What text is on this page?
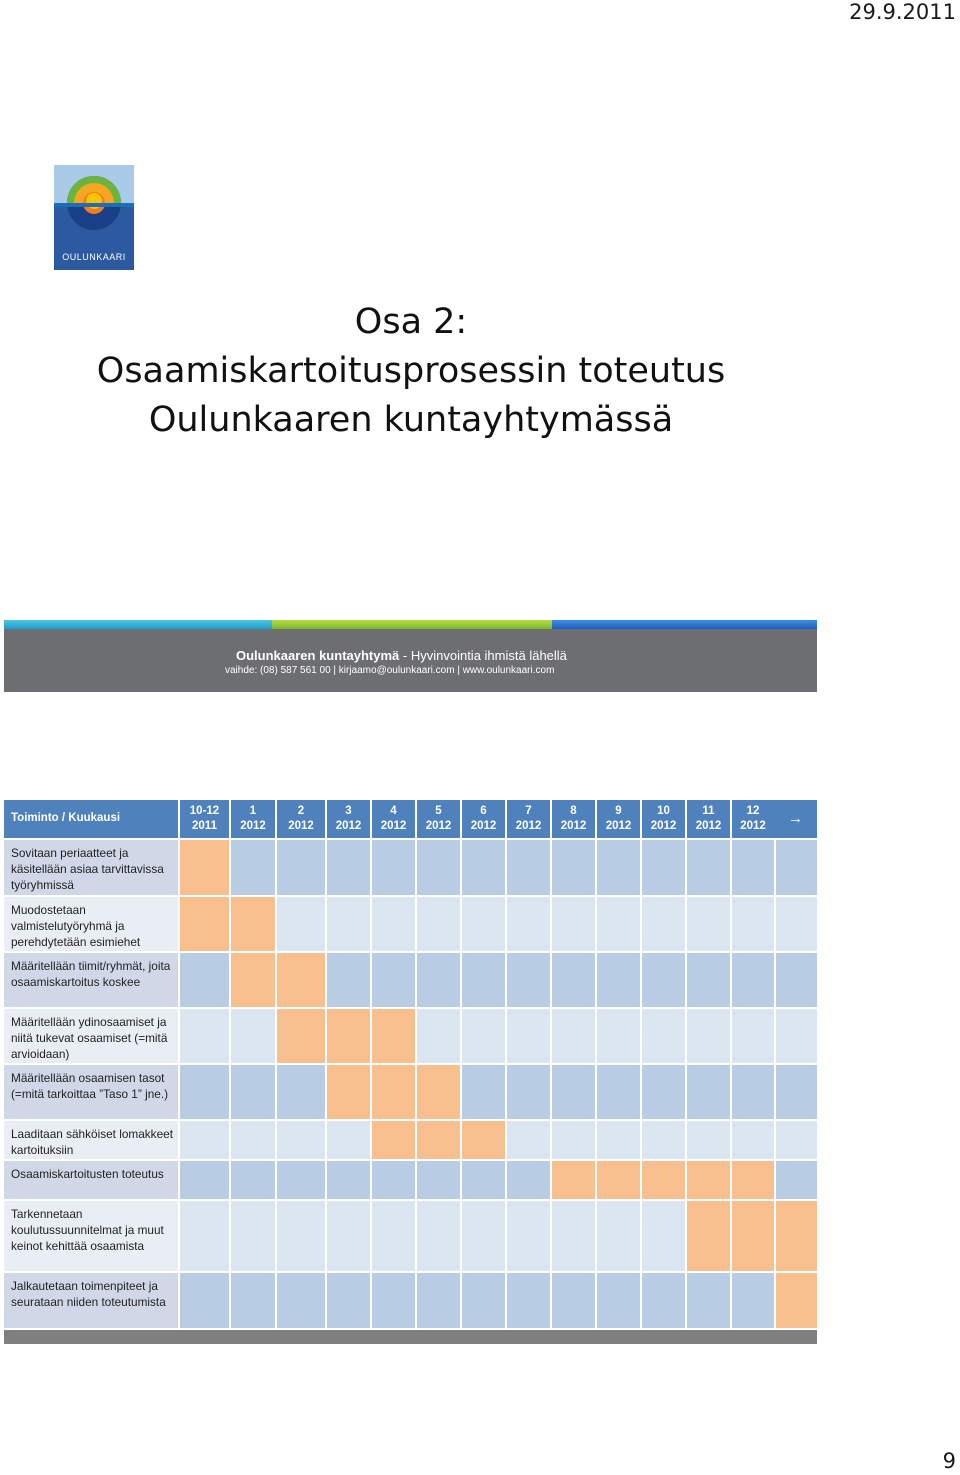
29.9.2011
OULUNKAARI
Osa 2:
Osaamiskartoitusprosessin toteutus
Oulunkaaren kuntayhtymässä
Oulunkaaren kuntayhtymä - Hyvinvointia ihmistä lähellä
vaihde: (08) 587 561 00 | kirjaamo@oulunkaari.com | www.oulunkaari.com
Toiminto / Kuukausi	→
10-12
2011
1
2012
2
2012
3
2012
4
2012
5
2012
6
2012
7
2012
8
2012
9
2012
10
2012
11
2012
12
2012
Sovitaan periaatteet ja käsitellään asiaa tarvittavissa työryhmissä
Muodostetaan valmistelutyöryhmä ja perehdytetään esimiehet
Määritellään tiimit/ryhmät, joita osaamiskartoitus koskee
Määritellään ydinosaamiset ja niitä tukevat osaamiset (=mitä arvioidaan)
Määritellään osaamisen tasot (=mitä tarkoittaa ”Taso 1” jne.)
Laaditaan sähköiset lomakkeet kartoituksiin
Osaamiskartoitusten toteutus
Tarkennetaan koulutussuunnitelmat ja muut keinot kehittää osaamista
Jalkautetaan toimenpiteet ja seurataan niiden toteutumista
9
